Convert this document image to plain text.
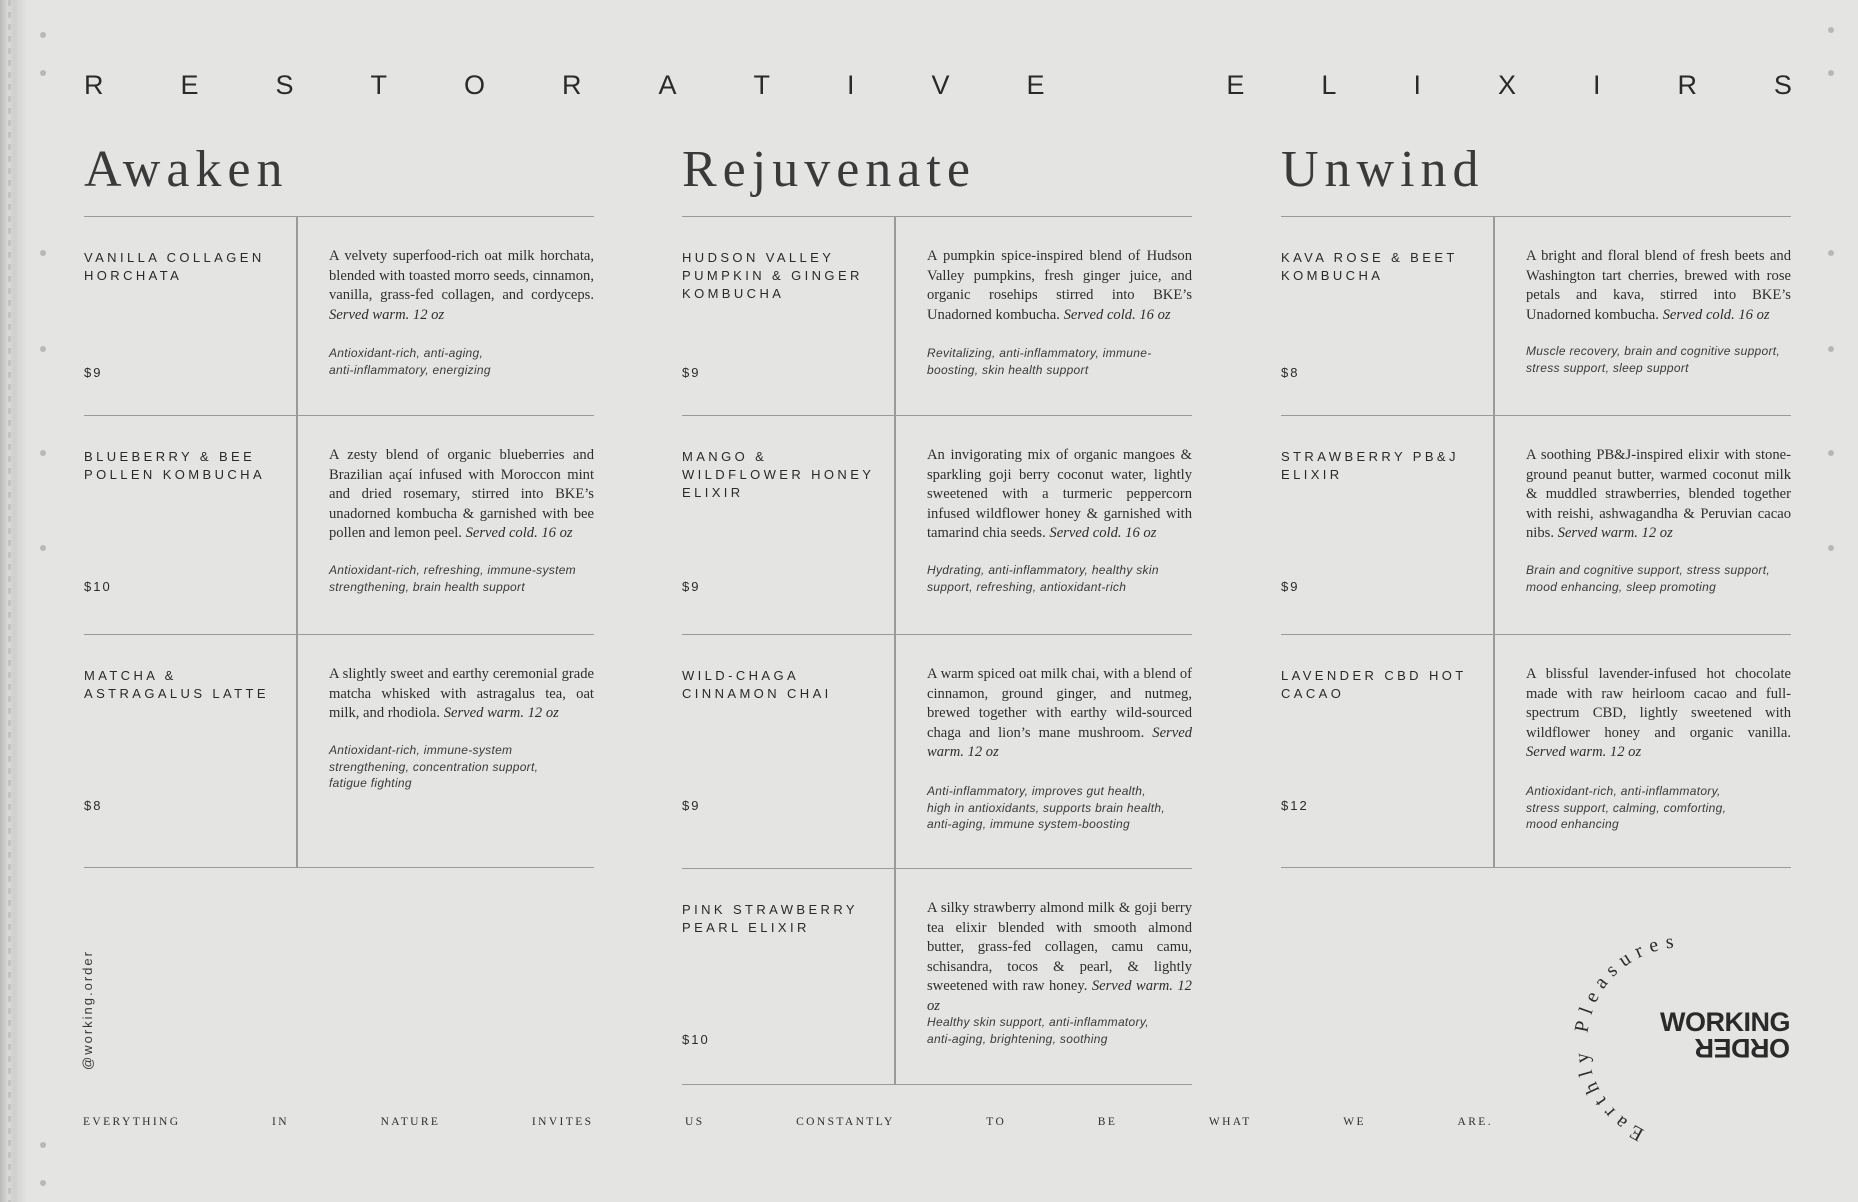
R	E	S	T	O	R	A	T	I	V	E	E	L	I	X	I	R	S
Awaken

VANILLA COLLAGEN HORCHATA

$9

A velvety superfood-rich oat milk horchata, blended with toasted morro seeds, cinnamon, vanilla, grass-fed collagen, and cordyceps. Served warm. 12 oz

Antioxidant-rich, anti-aging,
anti-inflammatory, energizing

BLUEBERRY & BEE POLLEN KOMBUCHA

$10

A zesty blend of organic blueberries and Brazilian açaí infused with Moroccon mint and dried rosemary, stirred into BKE’s unadorned kombucha & garnished with bee pollen and lemon peel. Served cold. 16 oz

Antioxidant-rich, refreshing, immune-system
strengthening, brain health support

MATCHA & ASTRAGALUS LATTE

$8

A slightly sweet and earthy ceremonial grade matcha whisked with astragalus tea, oat milk, and rhodiola. Served warm. 12 oz

Antioxidant-rich, immune-system
strengthening, concentration support,
fatigue fighting

Rejuvenate

HUDSON VALLEY PUMPKIN & GINGER KOMBUCHA

$9

A pumpkin spice-inspired blend of Hudson Valley pumpkins, fresh ginger juice, and organic rosehips stirred into BKE’s Unadorned kombucha. Served cold. 16 oz

Revitalizing, anti-inflammatory, immune-
boosting, skin health support

MANGO & WILDFLOWER HONEY ELIXIR

$9

An invigorating mix of organic mangoes & sparkling goji berry coconut water, lightly sweetened with a turmeric peppercorn infused wildflower honey & garnished with tamarind chia seeds. Served cold. 16 oz

Hydrating, anti-inflammatory, healthy skin
support, refreshing, antioxidant-rich

WILD-CHAGA CINNAMON CHAI

$9

A warm spiced oat milk chai, with a blend of cinnamon, ground ginger, and nutmeg, brewed together with earthy wild-sourced chaga and lion’s mane mushroom. Served warm. 12 oz

Anti-inflammatory, improves gut health,
high in antioxidants, supports brain health,
anti-aging, immune system-boosting

PINK STRAWBERRY PEARL ELIXIR

$10

A silky strawberry almond milk & goji berry tea elixir blended with smooth almond butter, grass-fed collagen, camu camu, schisandra, tocos & pearl, & lightly sweetened with raw honey. Served warm. 12 oz

Healthy skin support, anti-inflammatory,
anti-aging, brightening, soothing

Unwind

KAVA ROSE & BEET KOMBUCHA

$8

A bright and floral blend of fresh beets and Washington tart cherries, brewed with rose petals and kava, stirred into BKE’s Unadorned kombucha. Served cold. 16 oz

Muscle recovery, brain and cognitive support,
stress support, sleep support

STRAWBERRY PB&J ELIXIR

$9

A soothing PB&J-inspired elixir with stone-ground peanut butter, warmed coconut milk & muddled strawberries, blended together with reishi, ashwagandha & Peruvian cacao nibs. Served warm. 12 oz

Brain and cognitive support, stress support,
mood enhancing, sleep promoting

LAVENDER CBD HOT CACAO

$12

A blissful lavender-infused hot chocolate made with raw heirloom cacao and full-spectrum CBD, lightly sweetened with wildflower honey and organic vanilla. Served warm. 12 oz

Antioxidant-rich, anti-inflammatory,
stress support, calming, comforting,
mood enhancing

@working.order
EVERYTHING	IN	NATURE	INVITES	US	CONSTANTLY	TO	BE	WHAT	WE	ARE.	Earthly Pleasures
WORKING
ORDER
